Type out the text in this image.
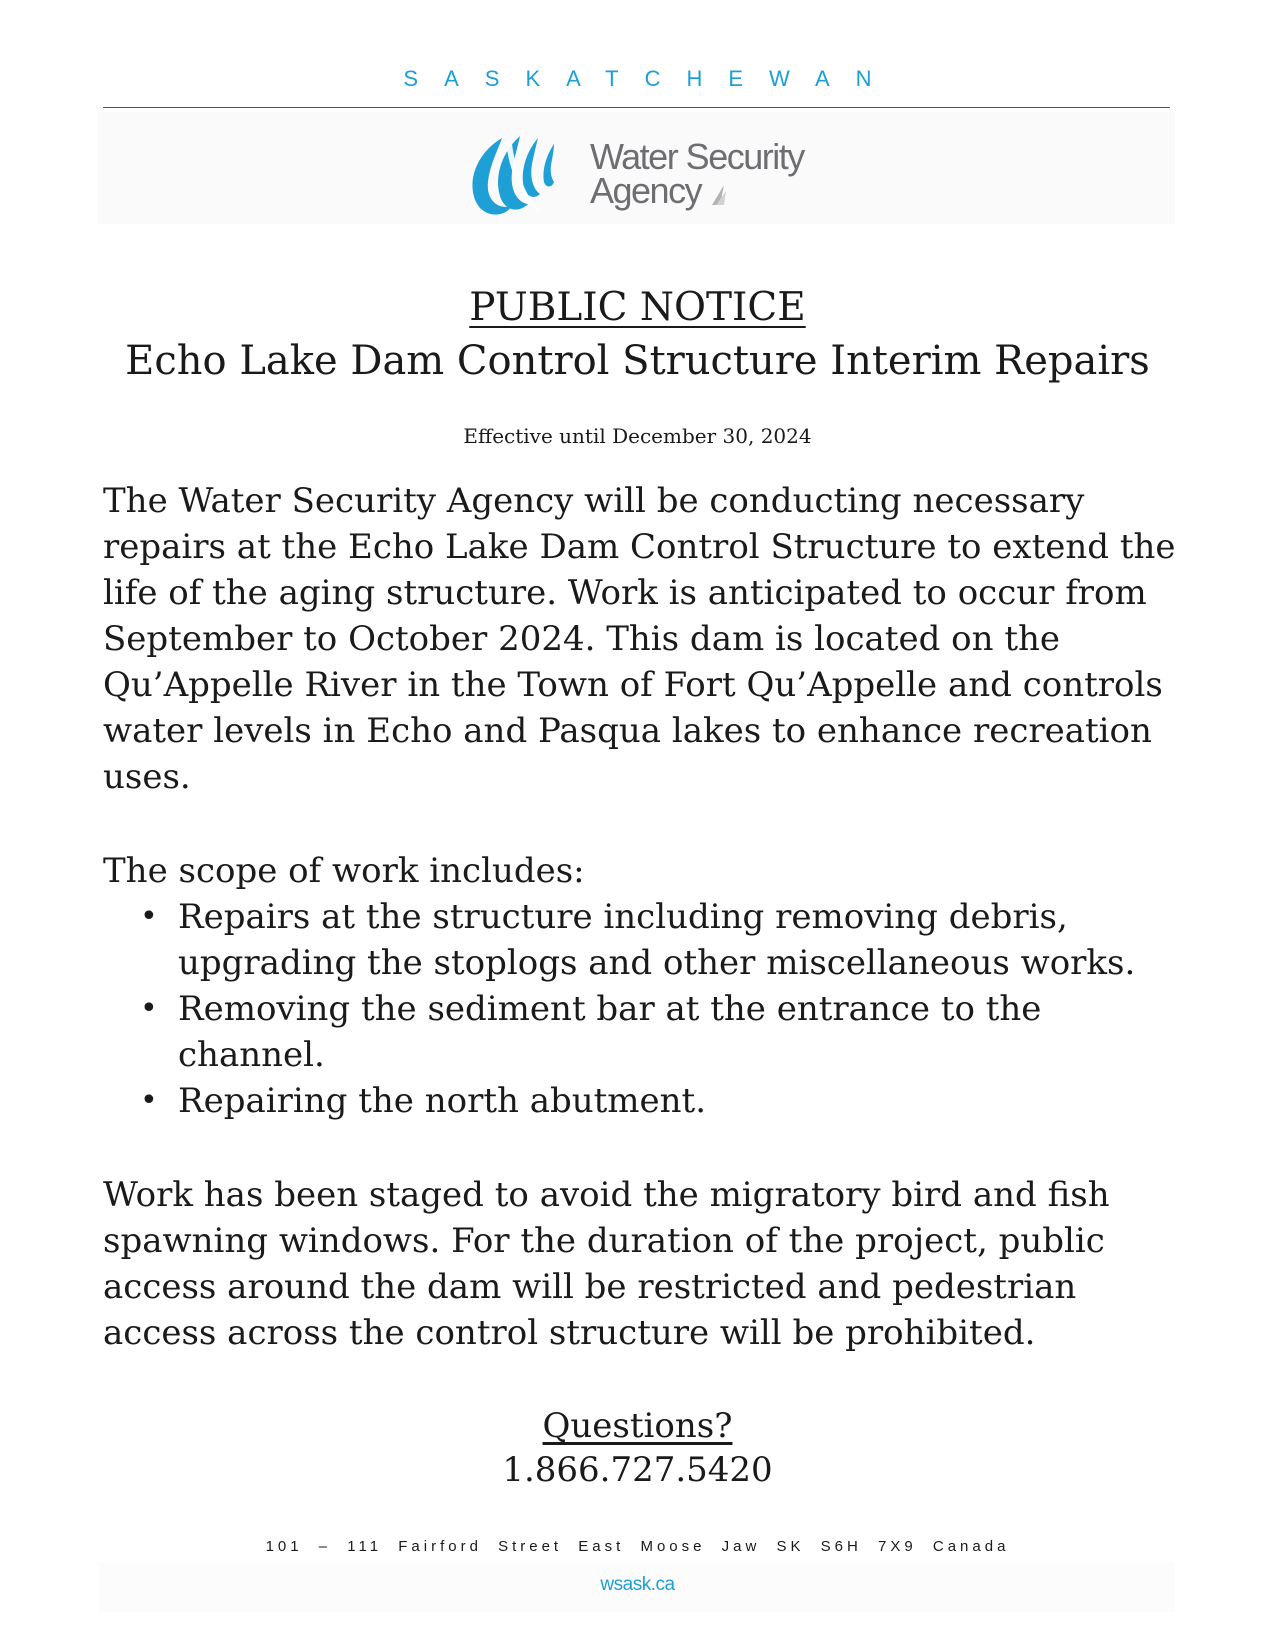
SASKATCHEWAN
Water Security
Agency
PUBLIC NOTICE
Echo Lake Dam Control Structure Interim Repairs
Effective until December 30, 2024
The Water Security Agency will be conducting necessary repairs at the Echo Lake Dam Control Structure to extend the life of the aging structure. Work is anticipated to occur from September to October 2024. This dam is located on the Qu’Appelle River in the Town of Fort Qu’Appelle and controls water levels in Echo and Pasqua lakes to enhance recreation uses.
The scope of work includes:
• Repairs at the structure including removing debris, upgrading the stoplogs and other miscellaneous works.
• Removing the sediment bar at the entrance to the channel.
• Repairing the north abutment.
Work has been staged to avoid the migratory bird and fish spawning windows. For the duration of the project, public access around the dam will be restricted and pedestrian access across the control structure will be prohibited.
Questions?
1.866.727.5420
101 – 111 Fairford Street East Moose Jaw SK S6H 7X9 Canada
wsask.ca
